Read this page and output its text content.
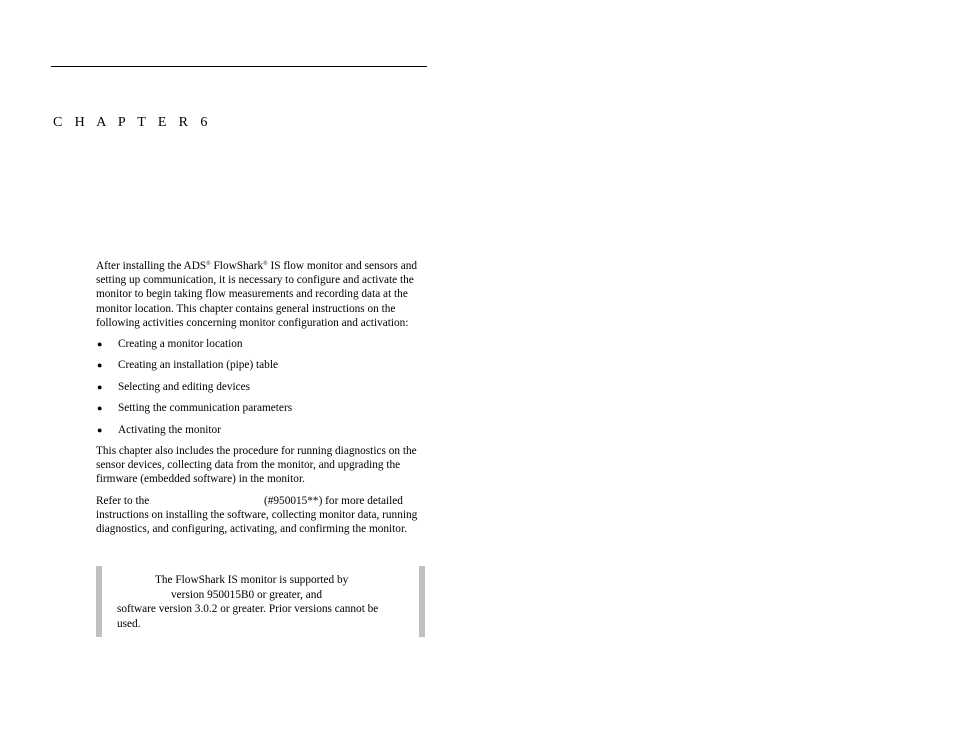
C H A P T E R 6

After installing the ADS® FlowShark® IS flow monitor and sensors and setting up communication, it is necessary to configure and activate the monitor to begin taking flow measurements and recording data at the monitor location. This chapter contains general instructions on the following activities concerning monitor configuration and activation:

● Creating a monitor location
● Creating an installation (pipe) table
● Selecting and editing devices
● Setting the communication parameters
● Activating the monitor

This chapter also includes the procedure for running diagnostics on the sensor devices, collecting data from the monitor, and upgrading the firmware (embedded software) in the monitor.

Refer to the	(#950015**) for more detailed instructions on installing the software, collecting monitor data, running diagnostics, and configuring, activating, and confirming the monitor.

The FlowShark IS monitor is supported by
version 950015B0 or greater, and
software version 3.0.2 or greater. Prior versions cannot be
used.
